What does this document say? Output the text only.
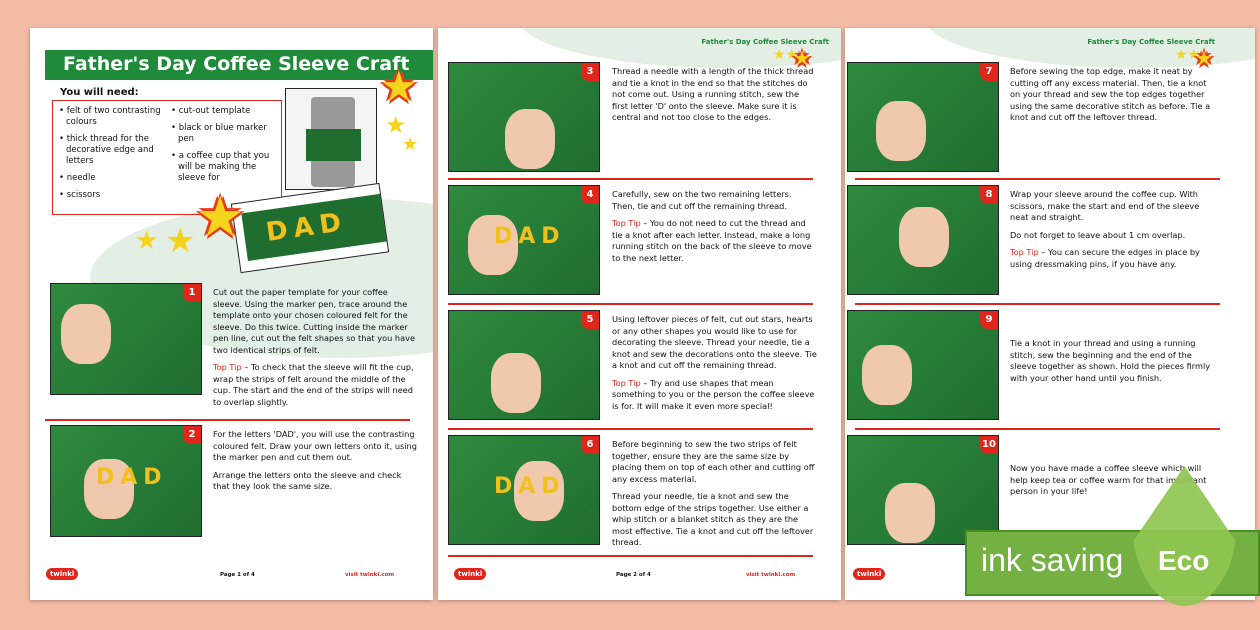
Father's Day Coffee Sleeve Craft
You will need:
• felt of two contrasting colours
• thick thread for the decorative edge and letters
• needle
• scissors
• cut-out template
• black or blue marker pen
• a coffee cup that you will be making the sleeve for
DAD
★
★
★
★
★ ★
1	Cut out the paper template for your coffee sleeve. Using the marker pen, trace around the template onto your chosen coloured felt for the sleeve. Do this twice. Cutting inside the marker pen line, cut out the felt shapes so that you have two identical strips of felt.

Top Tip – To check that the sleeve will fit the cup, wrap the strips of felt around the middle of the cup. The start and the end of the strips will need to overlap slightly.

DAD
2	For the letters 'DAD', you will use the contrasting coloured felt. Draw your own letters onto it, using the marker pen and cut them out.

Arrange the letters onto the sleeve and check that they look the same size.

twinkl	Page 1 of 4	visit twinkl.com
Father's Day Coffee Sleeve Craft
★★
★
3	Thread a needle with a length of the thick thread and tie a knot in the end so that the stitches do not come out. Using a running stitch, sew the first letter 'D' onto the sleeve. Make sure it is central and not too close to the edges.

DAD
4	Carefully, sew on the two remaining letters. Then, tie and cut off the remaining thread.

Top Tip – You do not need to cut the thread and tie a knot after each letter. Instead, make a long running stitch on the back of the sleeve to move to the next letter.

5	Using leftover pieces of felt, cut out stars, hearts or any other shapes you would like to use for decorating the sleeve. Thread your needle, tie a knot and sew the decorations onto the sleeve. Tie a knot and cut off the remaining thread.

Top Tip – Try and use shapes that mean something to you or the person the coffee sleeve is for. It will make it even more special!

DAD
6	Before beginning to sew the two strips of felt together, ensure they are the same size by placing them on top of each other and cutting off any excess material.

Thread your needle, tie a knot and sew the bottom edge of the strips together. Use either a whip stitch or a blanket stitch as they are the most effective. Tie a knot and cut off the leftover thread.

twinkl	Page 2 of 4	visit twinkl.com
Father's Day Coffee Sleeve Craft
★★
★
7	Before sewing the top edge, make it neat by cutting off any excess material. Then, tie a knot on your thread and sew the top edges together using the same decorative stitch as before. Tie a knot and cut off the leftover thread.

8	Wrap your sleeve around the coffee cup. With scissors, make the start and end of the sleeve neat and straight.

Do not forget to leave about 1 cm overlap.

Top Tip – You can secure the edges in place by using dressmaking pins, if you have any.

9

Tie a knot in your thread and using a running stitch, sew the beginning and the end of the sleeve together as shown. Hold the pieces firmly with your other hand until you finish.

10

Now you have made a coffee sleeve which will help keep tea or coffee warm for that important person in your life!

twinkl	ink saving	Eco
